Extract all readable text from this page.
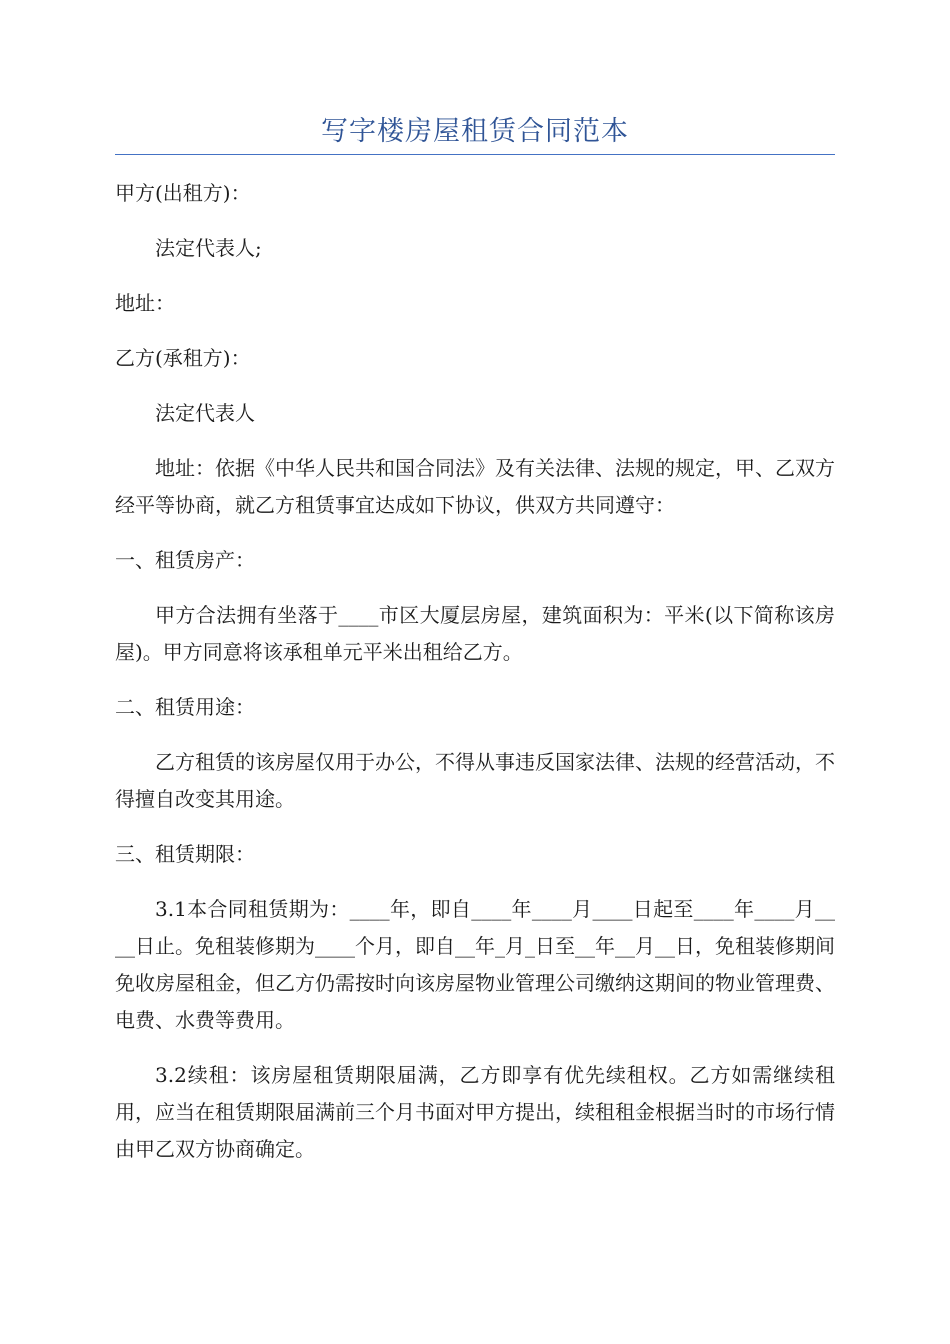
写字楼房屋租赁合同范本

甲方(出租方)：

法定代表人;

地址：

乙方(承租方)：

法定代表人

地址：依据《中华人民共和国合同法》及有关法律、法规的规定，甲、乙双方经平等协商，就乙方租赁事宜达成如下协议，供双方共同遵守：

一、租赁房产：

甲方合法拥有坐落于____市区大厦层房屋，建筑面积为：平米(以下简称该房屋)。甲方同意将该承租单元平米出租给乙方。

二、租赁用途：

乙方租赁的该房屋仅用于办公，不得从事违反国家法律、法规的经营活动，不得擅自改变其用途。

三、租赁期限：

3.1本合同租赁期为：____年，即自____年____月____日起至____年____月____日止。免租装修期为____个月，即自__年_月_日至__年__月__日，免租装修期间免收房屋租金，但乙方仍需按时向该房屋物业管理公司缴纳这期间的物业管理费、电费、水费等费用。

3.2续租：该房屋租赁期限届满，乙方即享有优先续租权。乙方如需继续租用，应当在租赁期限届满前三个月书面对甲方提出，续租租金根据当时的市场行情由甲乙双方协商确定。
